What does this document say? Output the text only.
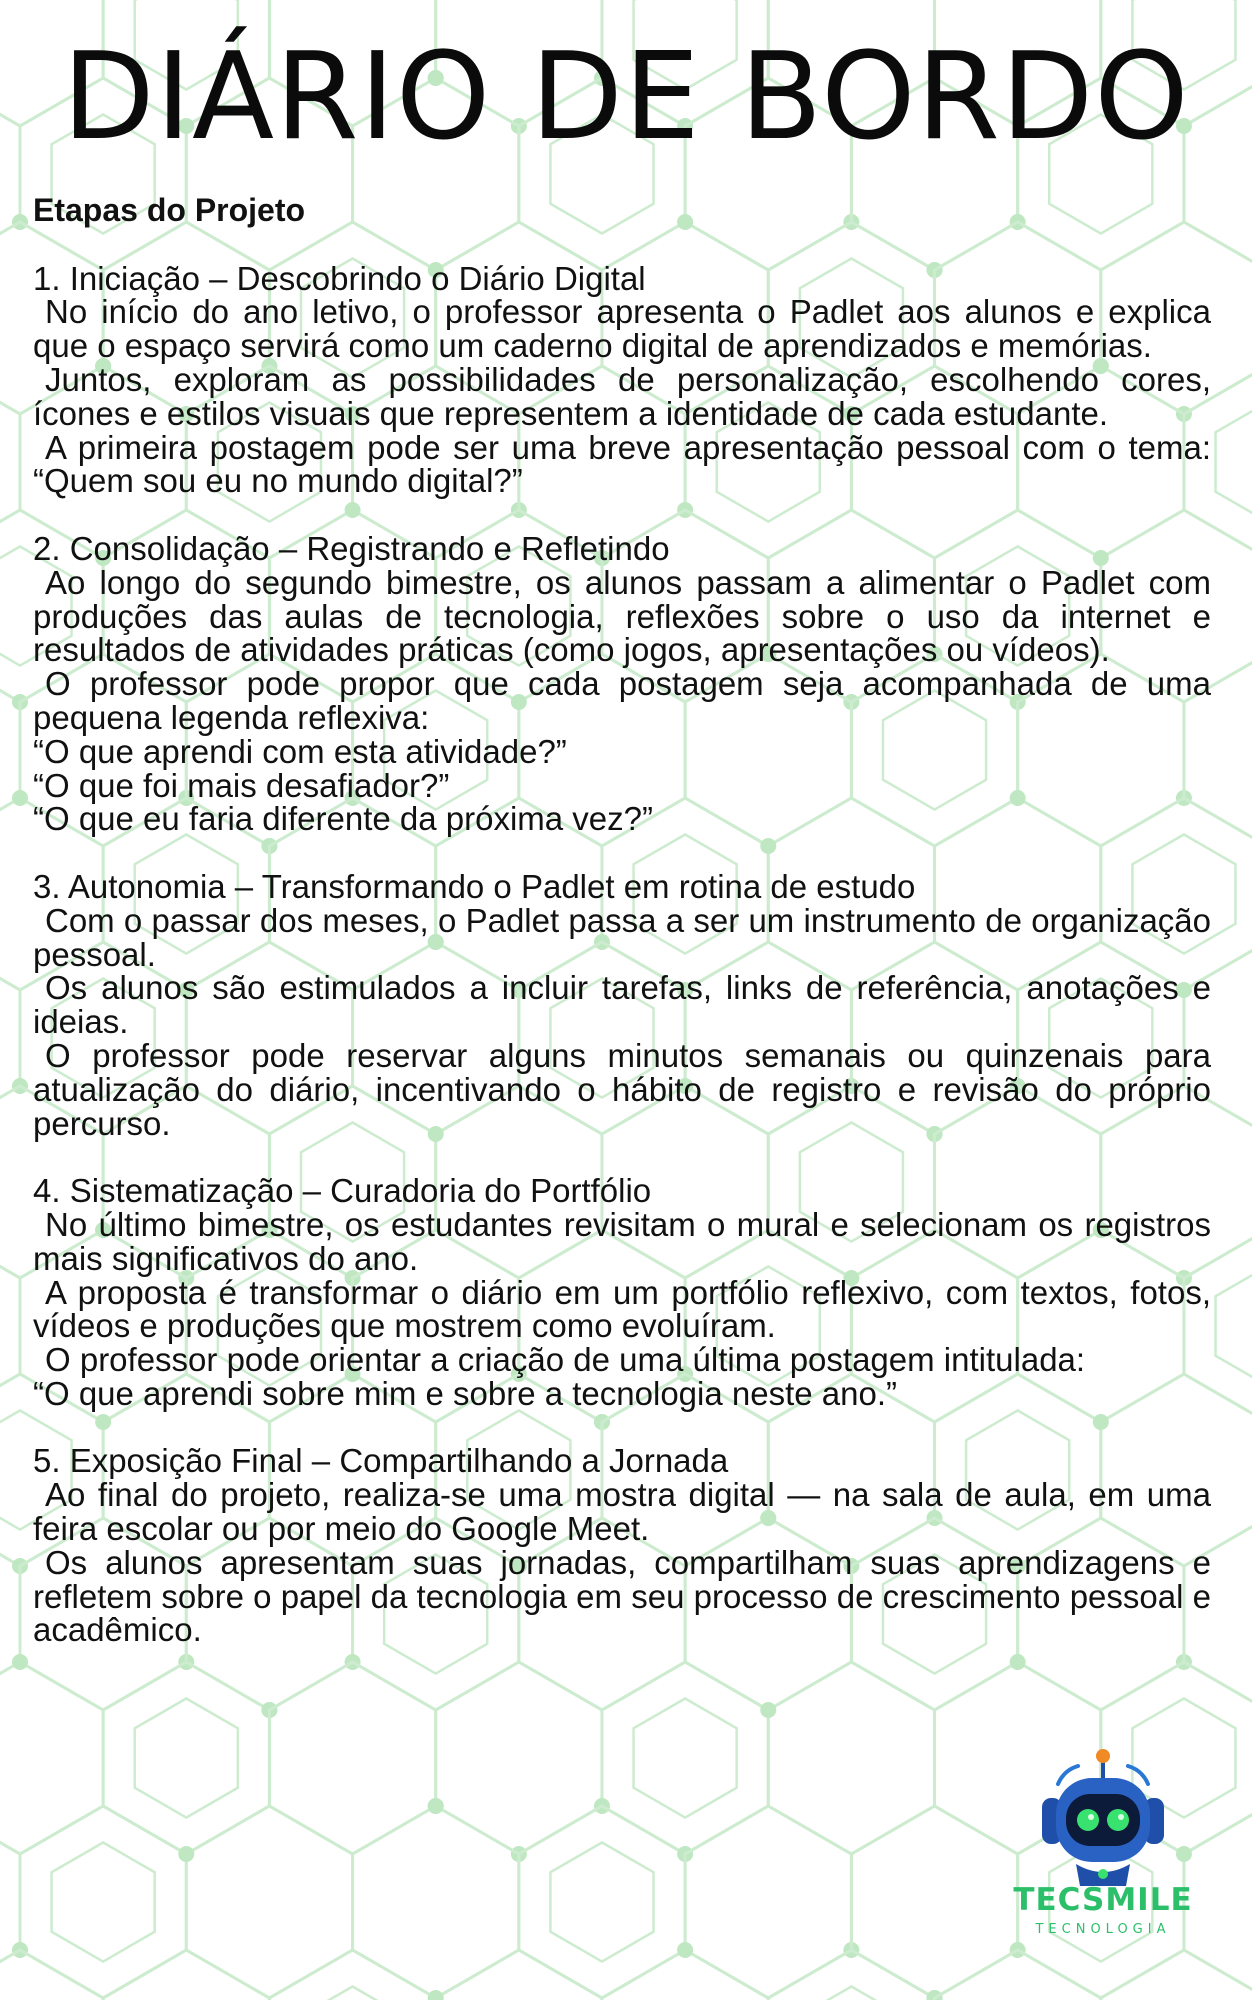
DIÁRIO DE BORDO

Etapas do Projeto

1. Iniciação – Descobrindo o Diário Digital

No início do ano letivo, o professor apresenta o Padlet aos alunos e explica que o espaço servirá como um caderno digital de aprendizados e memórias.

Juntos, exploram as possibilidades de personalização, escolhendo cores, ícones e estilos visuais que representem a identidade de cada estudante.

A primeira postagem pode ser uma breve apresentação pessoal com o tema: “Quem sou eu no mundo digital?”

2. Consolidação – Registrando e Refletindo

Ao longo do segundo bimestre, os alunos passam a alimentar o Padlet com produções das aulas de tecnologia, reflexões sobre o uso da internet e resultados de atividades práticas (como jogos, apresentações ou vídeos).

O professor pode propor que cada postagem seja acompanhada de uma pequena legenda reflexiva:

“O que aprendi com esta atividade?”

“O que foi mais desafiador?”

“O que eu faria diferente da próxima vez?”

3. Autonomia – Transformando o Padlet em rotina de estudo

Com o passar dos meses, o Padlet passa a ser um instrumento de organização pessoal.

Os alunos são estimulados a incluir tarefas, links de referência, anotações e ideias.

O professor pode reservar alguns minutos semanais ou quinzenais para atualização do diário, incentivando o hábito de registro e revisão do próprio percurso.

4. Sistematização – Curadoria do Portfólio

No último bimestre, os estudantes revisitam o mural e selecionam os registros mais significativos do ano.

A proposta é transformar o diário em um portfólio reflexivo, com textos, fotos, vídeos e produções que mostrem como evoluíram.

O professor pode orientar a criação de uma última postagem intitulada:

“O que aprendi sobre mim e sobre a tecnologia neste ano.”

5. Exposição Final – Compartilhando a Jornada

Ao final do projeto, realiza-se uma mostra digital — na sala de aula, em uma feira escolar ou por meio do Google Meet.

Os alunos apresentam suas jornadas, compartilham suas aprendizagens e refletem sobre o papel da tecnologia em seu processo de crescimento pessoal e acadêmico.

TECSMILE
TECNOLOGIA
